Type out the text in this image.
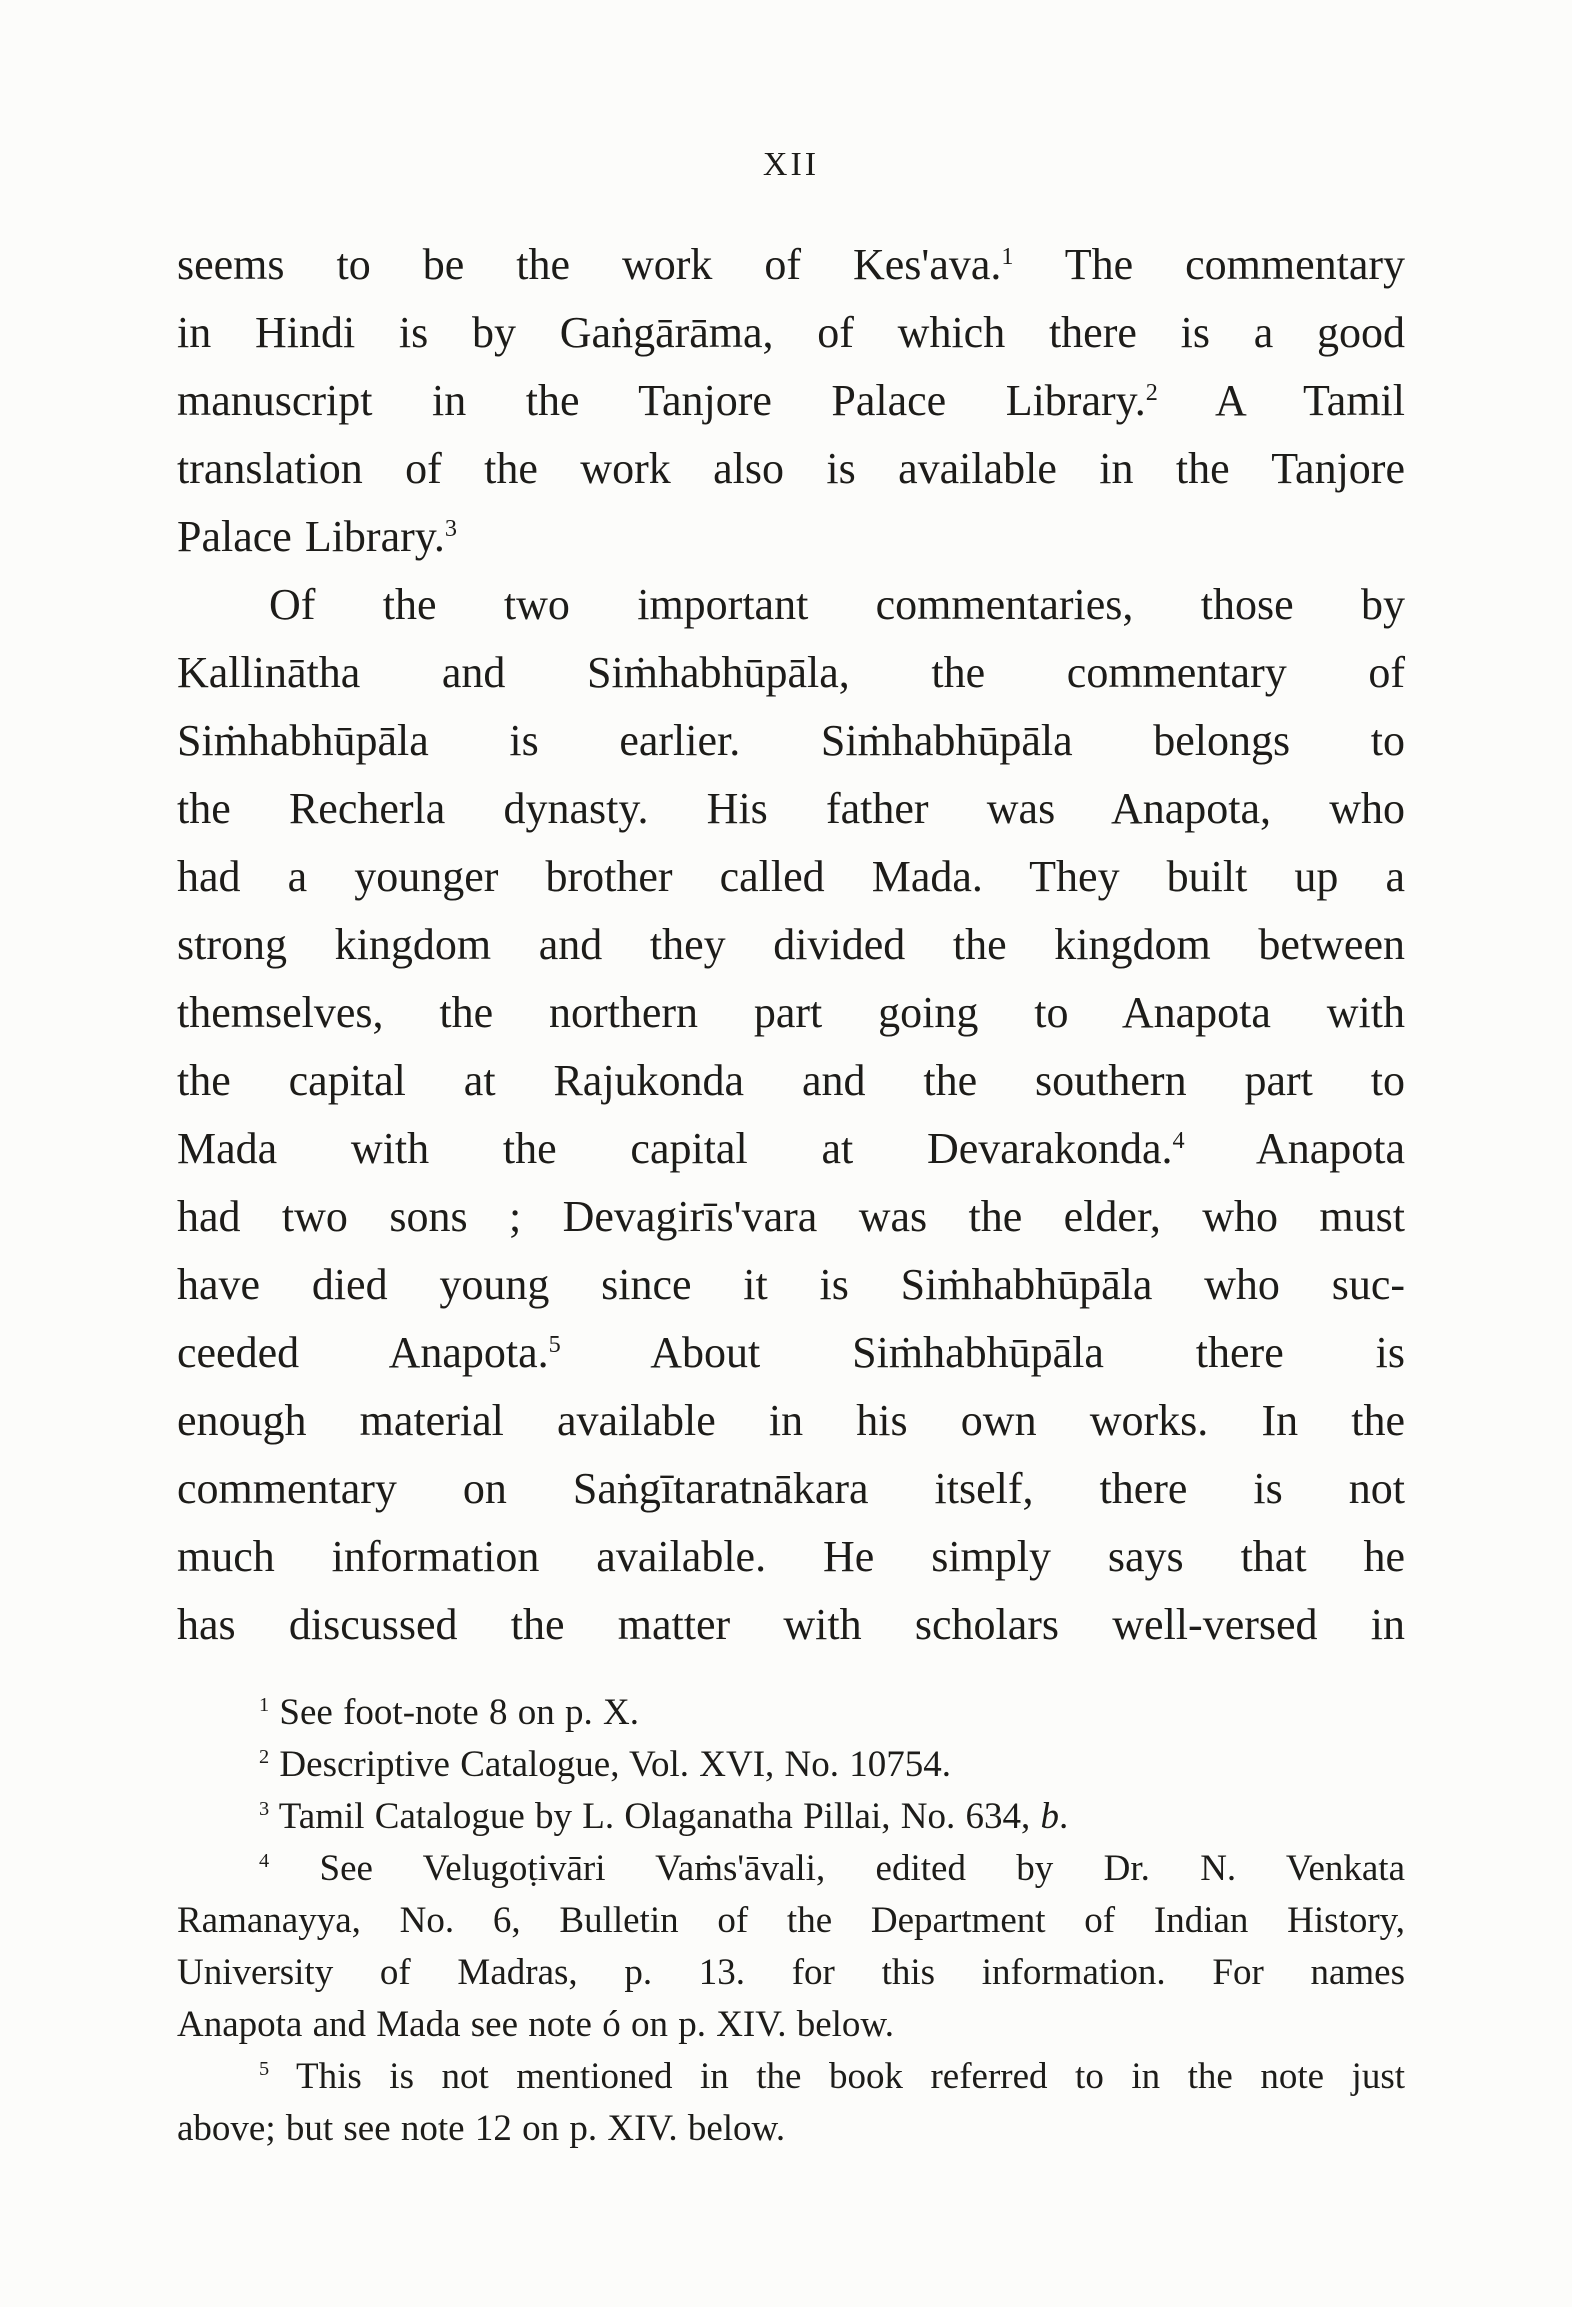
XII
seems to be the work of Kes'ava.$^1$ The commentary
in Hindi is by Gaṅgārāma, of which there is a good
manuscript in the Tanjore Palace Library.$^2$ A Tamil
translation of the work also is available in the Tanjore
Palace Library.$^3$
Of the two important commentaries, those by
Kallinātha and Siṁhabhūpāla, the commentary of
Siṁhabhūpāla is earlier. Siṁhabhūpāla belongs to
the Recherla dynasty. His father was Anapota, who
had a younger brother called Mada. They built up a
strong kingdom and they divided the kingdom between
themselves, the northern part going to Anapota with
the capital at Rajukonda and the southern part to
Mada with the capital at Devarakonda.$^4$ Anapota
had two sons ; Devagirīs'vara was the elder, who must
have died young since it is Siṁhabhūpāla who suc-
ceeded Anapota.$^5$ About Siṁhabhūpāla there is
enough material available in his own works. In the
commentary on Saṅgītaratnākara itself, there is not
much information available. He simply says that he
has discussed the matter with scholars well-versed in
$^1$ See foot-note 8 on p. X.
$^2$ Descriptive Catalogue, Vol. XVI, No. 10754.
$^3$ Tamil Catalogue by L. Olaganatha Pillai, No. 634, b.
$^4$ See Velugoṭivāri Vaṁs'āvali, edited by Dr. N. Venkata
Ramanayya, No. 6, Bulletin of the Department of Indian History,
University of Madras, p. 13. for this information. For names
Anapota and Mada see note ó on p. XIV. below.
$^5$ This is not mentioned in the book referred to in the note just
above; but see note 12 on p. XIV. below.
